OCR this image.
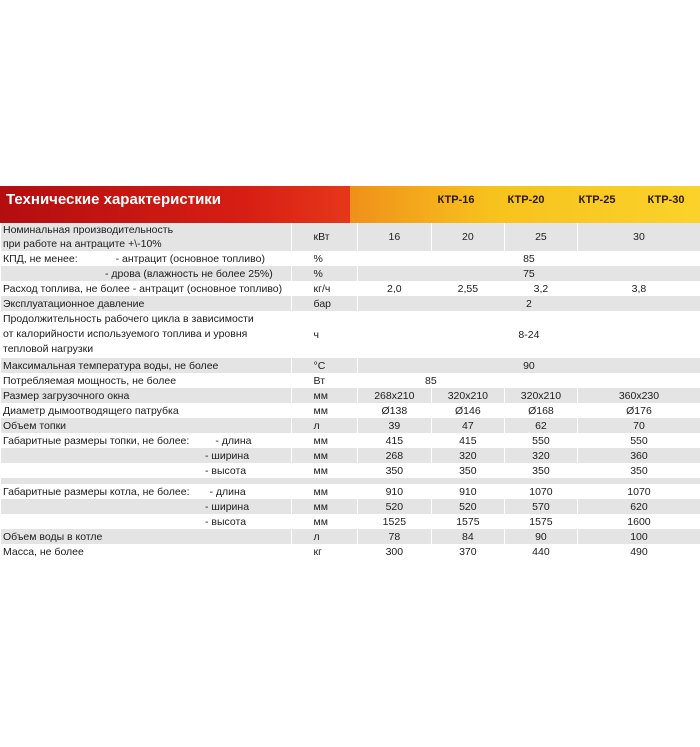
Технические характеристики	КТР-16	КТР-20	КТР-25	КТР-30
Номинальная производительность
при работе на антраците +\-10%	кВт	16	20	25	30
КПД, не менее: - антрацит (основное топливо)	%	85			
- дрова (влажность не более 25%)	%	75			
Расход топлива, не более - антрацит (основное топливо)	кг/ч	2,0	2,55	3,2	3,8
Эксплуатационное давление	бар	2			
Продолжительность рабочего цикла в зависимости
от калорийности используемого топлива и уровня
тепловой нагрузки	ч	8-24			
Максимальная температура воды, не более	°С	90			
Потребляемая мощность, не более	Вт	85			
Размер загрузочного окна	мм	268х210	320х210	320х210	360х230
Диаметр дымоотводящего патрубка	мм	Ø138	Ø146	Ø168	Ø176
Объем топки	л	39	47	62	70
Габаритные размеры топки, не более: - длина	мм	415	415	550	550
- ширина	мм	268	320	320	360
- высота	мм	350	350	350	350

Габаритные размеры котла, не более: - длина	мм	910	910	1070	1070
- ширина	мм	520	520	570	620
- высота	мм	1525	1575	1575	1600
Объем воды в котле	л	78	84	90	100
Масса, не более	кг	300	370	440	490
